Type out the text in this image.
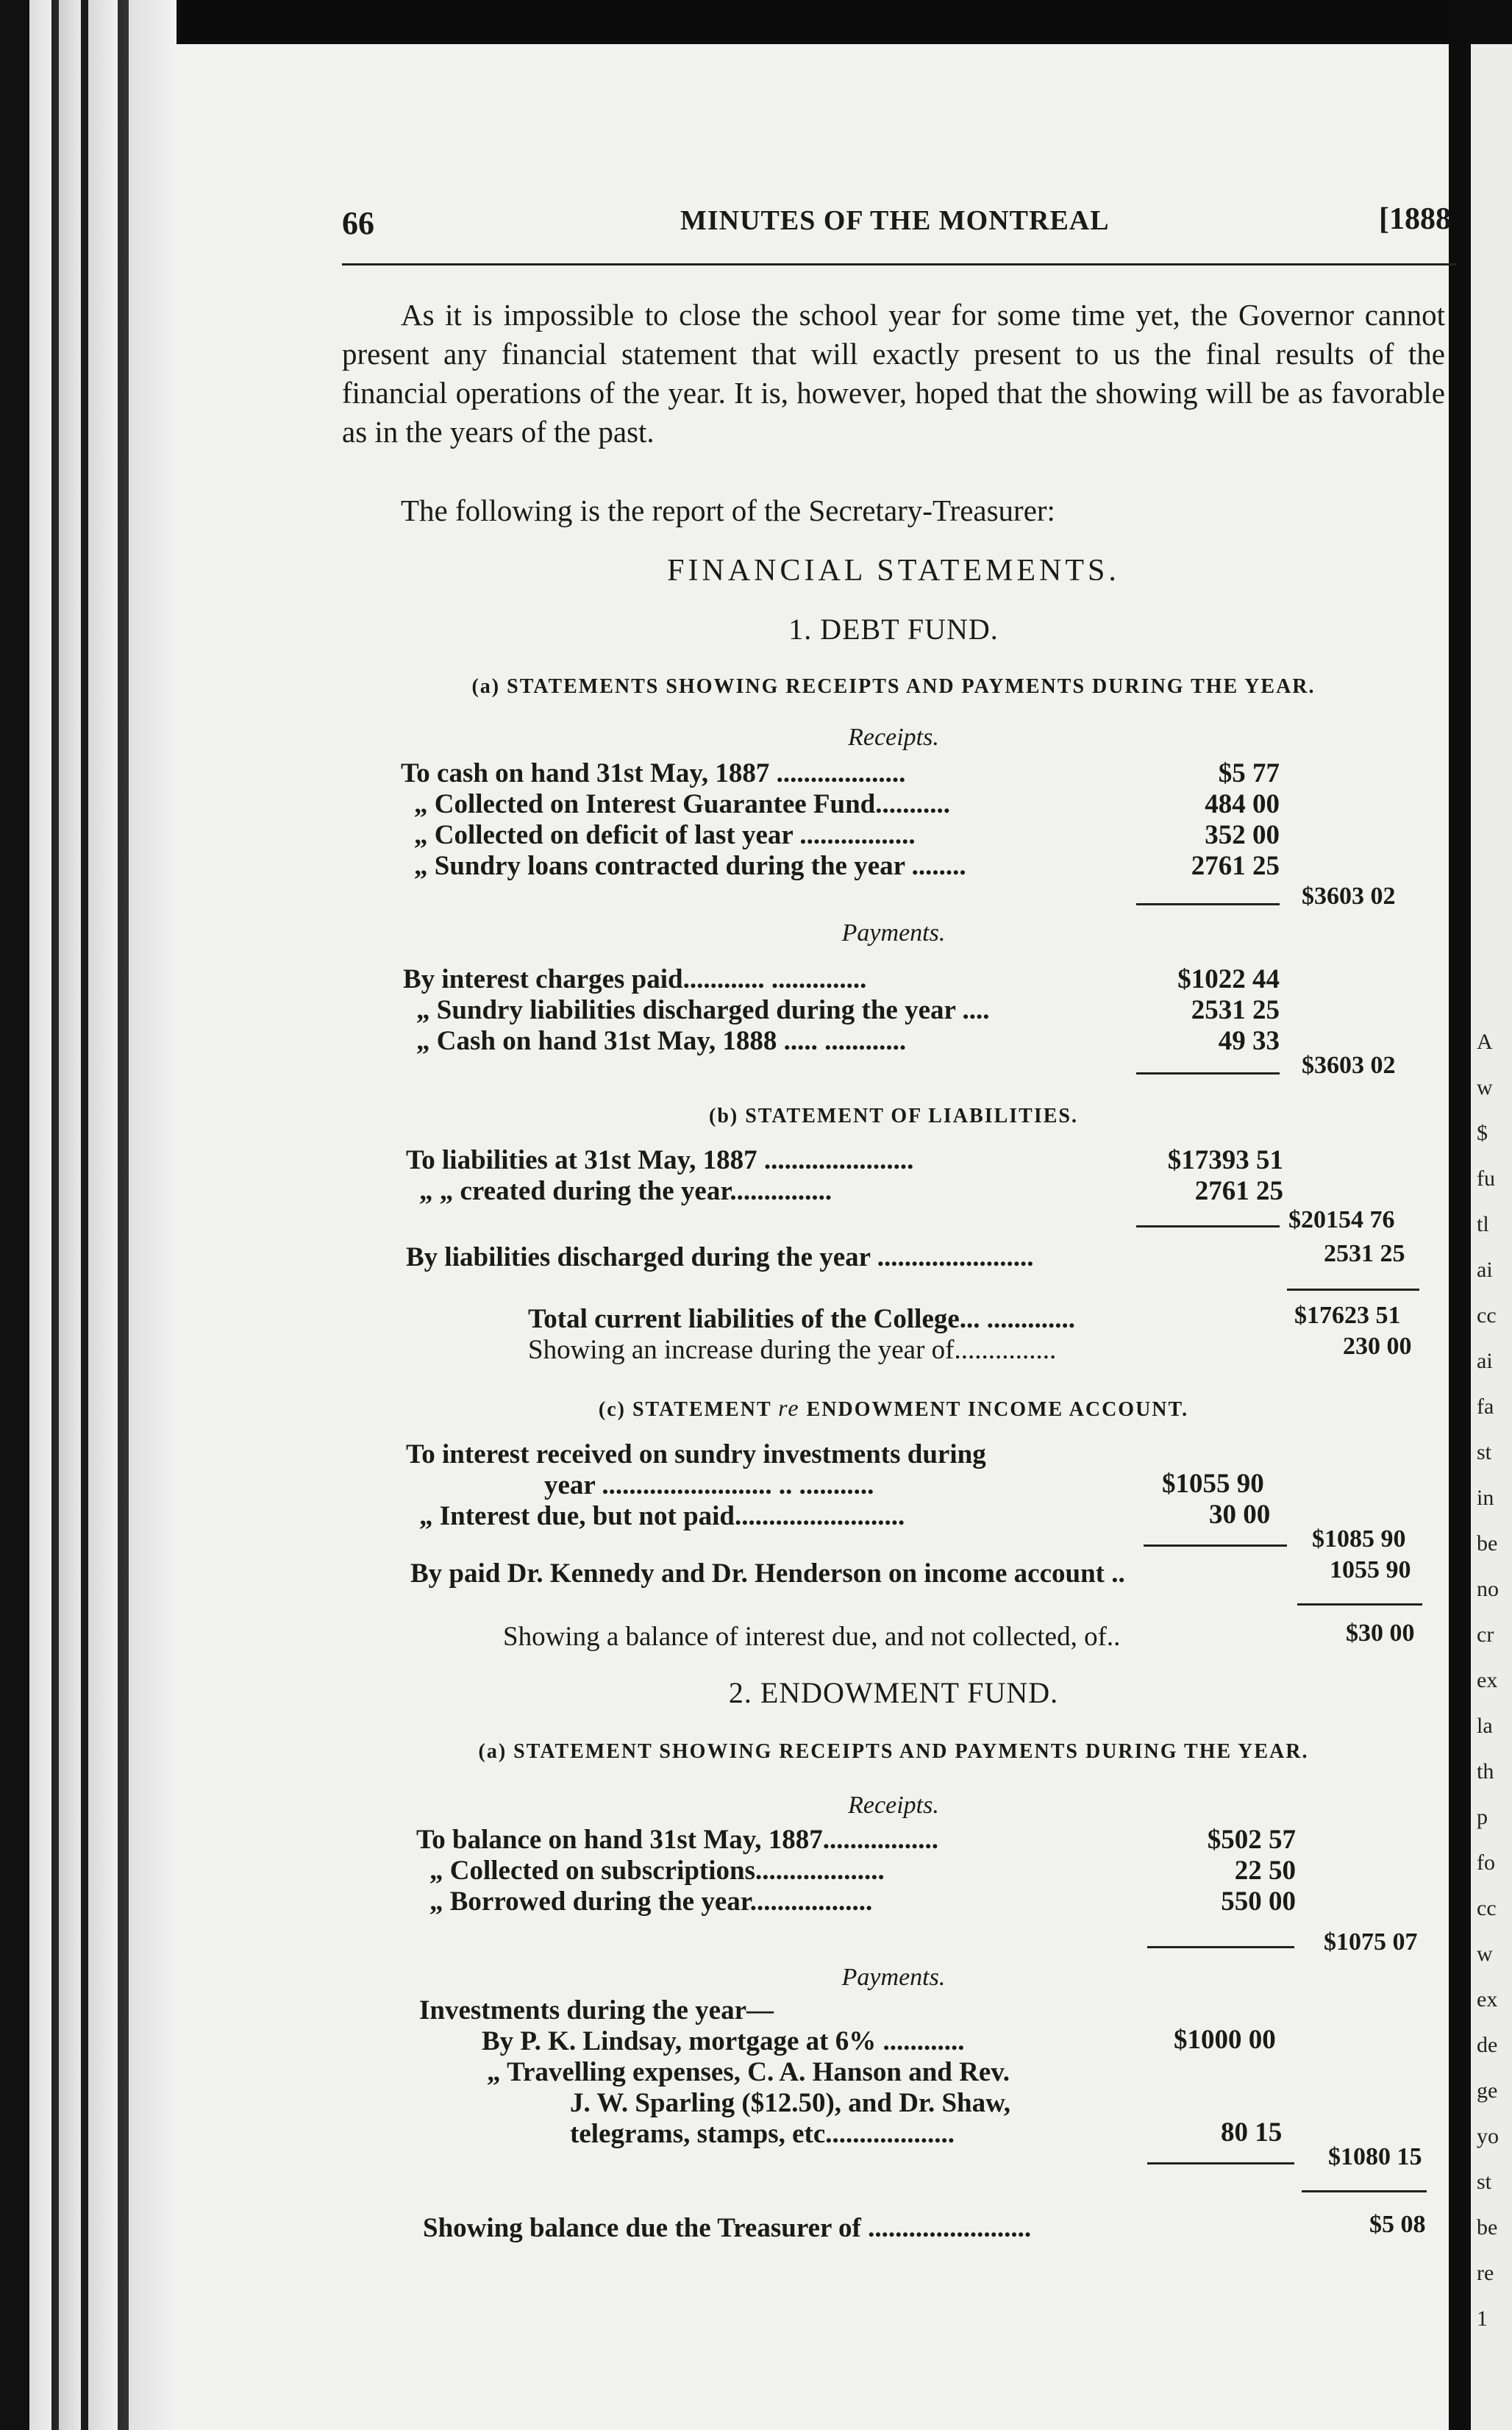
A
w
$
fu
tl
ai
cc
ai
fa
st
in
be
no
cr
ex
la
th
p
fo
cc
w
ex
de
ge
yo
st
be
re
1
66	MINUTES OF THE MONTREAL	[1888
As it is impossible to close the school year for some time yet, the Governor cannot present any financial statement that will exactly present to us the final results of the financial operations of the year. It is, however, hoped that the showing will be as favorable as in the years of the past.
The following is the report of the Secretary-Treasurer:
FINANCIAL STATEMENTS.
1. DEBT FUND.
(a) STATEMENTS SHOWING RECEIPTS AND PAYMENTS DURING THE YEAR.
Receipts.
To cash on hand 31st May, 1887 ...................	$5 77
„ Collected on Interest Guarantee Fund...........	484 00
„ Collected on deficit of last year .................	352 00
„ Sundry loans contracted during the year ........	2761 25
$3603 02
Payments.
By interest charges paid............ ..............	$1022 44
„ Sundry liabilities discharged during the year ....	2531 25
„ Cash on hand 31st May, 1888 ..... ............	49 33
$3603 02
(b) STATEMENT OF LIABILITIES.
To liabilities at 31st May, 1887 ......................	$17393 51
„ „ created during the year...............	2761 25
$20154 76
By liabilities discharged during the year .......................	2531 25
Total current liabilities of the College... .............	$17623 51
Showing an increase during the year of...............	230 00
(c) STATEMENT re ENDOWMENT INCOME ACCOUNT.
To interest received on sundry investments during
year ......................... .. ...........	$1055 90
„ Interest due, but not paid.........................	30 00
$1085 90
By paid Dr. Kennedy and Dr. Henderson on income account ..	1055 90
Showing a balance of interest due, and not collected, of..	$30 00
2. ENDOWMENT FUND.
(a) STATEMENT SHOWING RECEIPTS AND PAYMENTS DURING THE YEAR.
Receipts.
To balance on hand 31st May, 1887.................	$502 57
„ Collected on subscriptions...................	22 50
„ Borrowed during the year..................	550 00
$1075 07
Payments.
Investments during the year—
By P. K. Lindsay, mortgage at 6% ............	$1000 00
„ Travelling expenses, C. A. Hanson and Rev.
J. W. Sparling ($12.50), and Dr. Shaw,
telegrams, stamps, etc...................	80 15
$1080 15
Showing balance due the Treasurer of ........................	$5 08
